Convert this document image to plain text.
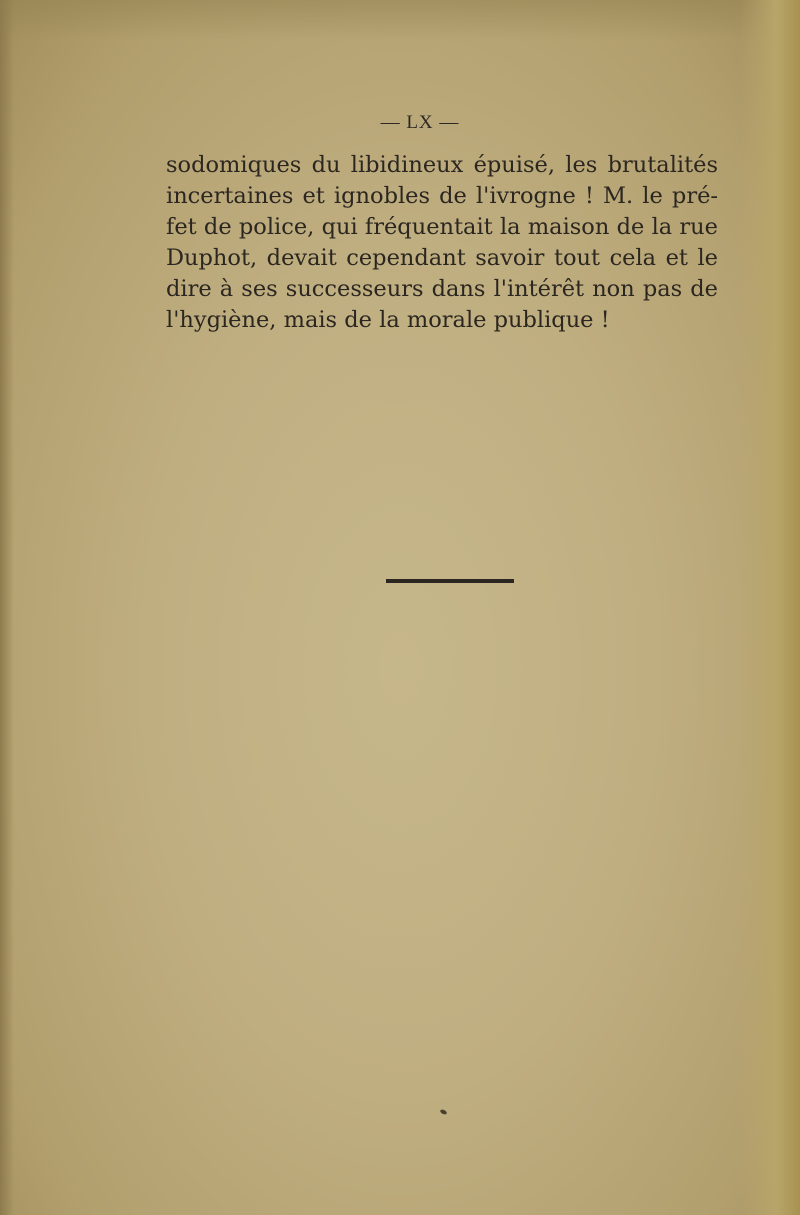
— LX —
sodomiques du libidineux épuisé, les brutalités
incertaines et ignobles de l'ivrogne ! M. le pré-
fet de police, qui fréquentait la maison de la rue
Duphot, devait cependant savoir tout cela et le
dire à ses successeurs dans l'intérêt non pas de
l'hygiène, mais de la morale publique !
